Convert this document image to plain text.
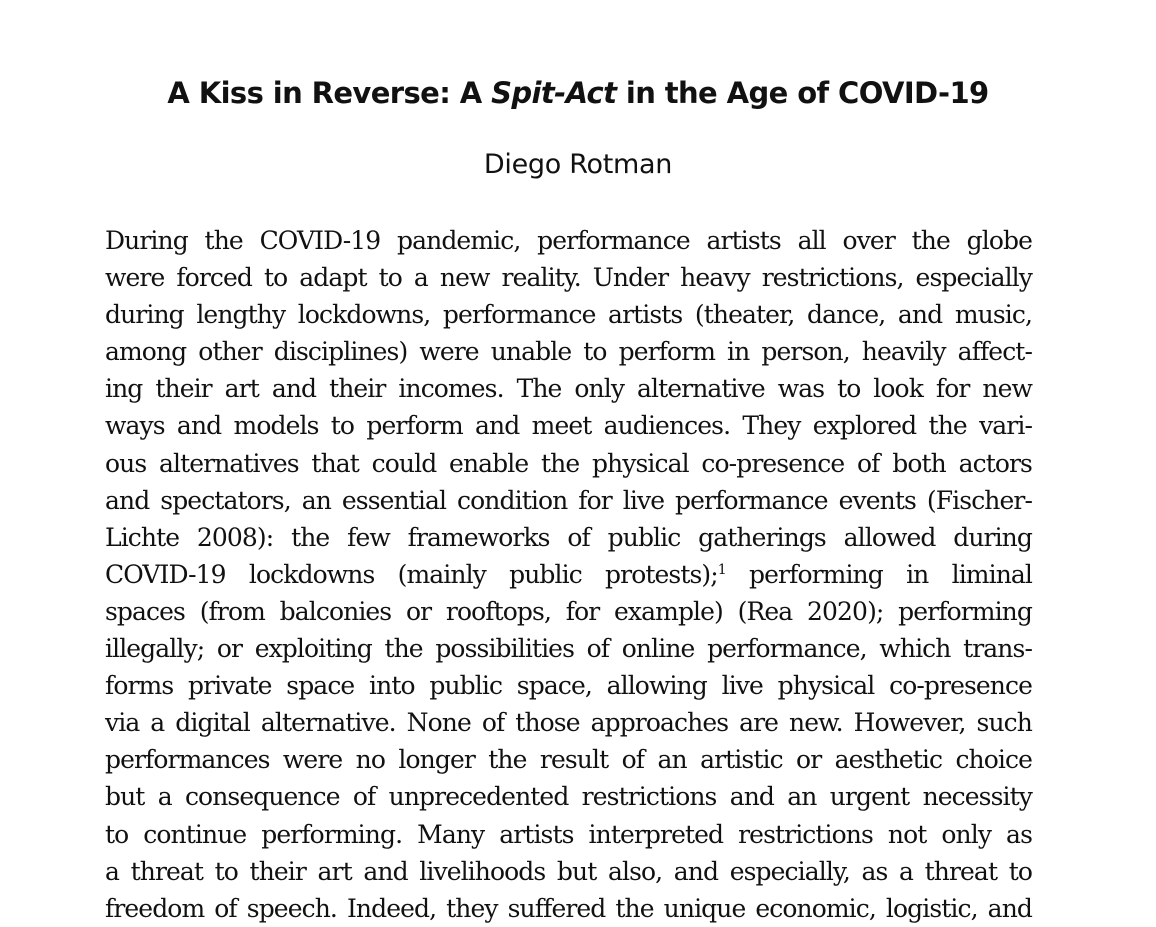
A Kiss in Reverse: A Spit-Act in the Age of COVID-19
Diego Rotman
During the COVID-19 pandemic, performance artists all over the globe
were forced to adapt to a new reality. Under heavy restrictions, especially
during lengthy lockdowns, performance artists (theater, dance, and music,
among other disciplines) were unable to perform in person, heavily affect-
ing their art and their incomes. The only alternative was to look for new
ways and models to perform and meet audiences. They explored the vari-
ous alternatives that could enable the physical co-presence of both actors
and spectators, an essential condition for live performance events (Fischer-
Lichte 2008): the few frameworks of public gatherings allowed during
COVID-19 lockdowns (mainly public protests);$^1$ performing in liminal
spaces (from balconies or rooftops, for example) (Rea 2020); performing
illegally; or exploiting the possibilities of online performance, which trans-
forms private space into public space, allowing live physical co-presence
via a digital alternative. None of those approaches are new. However, such
performances were no longer the result of an artistic or aesthetic choice
but a consequence of unprecedented restrictions and an urgent necessity
to continue performing. Many artists interpreted restrictions not only as
a threat to their art and livelihoods but also, and especially, as a threat to
freedom of speech. Indeed, they suffered the unique economic, logistic, and
